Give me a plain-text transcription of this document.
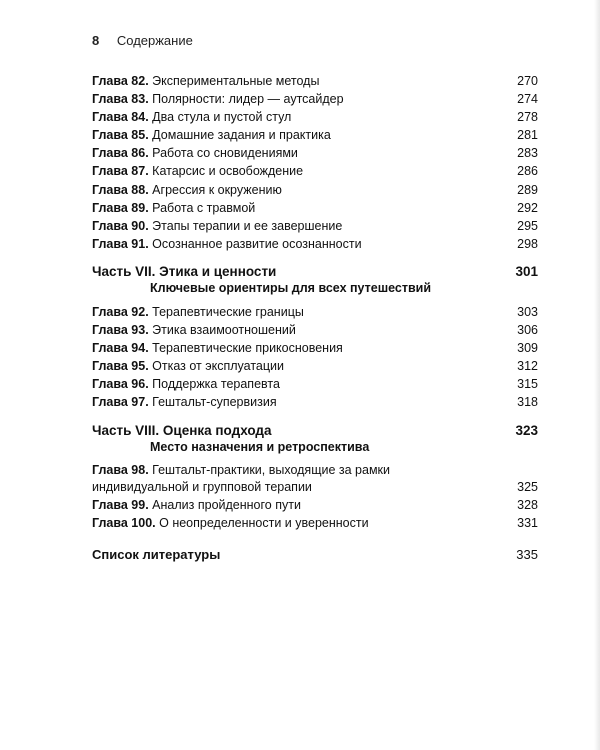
8 Содержание
Глава 82. Экспериментальные методы	270
Глава 83. Полярности: лидер — аутсайдер	274
Глава 84. Два стула и пустой стул	278
Глава 85. Домашние задания и практика	281
Глава 86. Работа со сновидениями	283
Глава 87. Катарсис и освобождение	286
Глава 88. Агрессия к окружению	289
Глава 89. Работа с травмой	292
Глава 90. Этапы терапии и ее завершение	295
Глава 91. Осознанное развитие осознанности	298
Часть VII. Этика и ценности	301
Ключевые ориентиры для всех путешествий
Глава 92. Терапевтические границы	303
Глава 93. Этика взаимоотношений	306
Глава 94. Терапевтические прикосновения	309
Глава 95. Отказ от эксплуатации	312
Глава 96. Поддержка терапевта	315
Глава 97. Гештальт-супервизия	318
Часть VIII. Оценка подхода	323
Место назначения и ретроспектива
Глава 98. Гештальт-практики, выходящие за рамки
индивидуальной и групповой терапии	325
Глава 99. Анализ пройденного пути	328
Глава 100. О неопределенности и уверенности	331
Список литературы	335
